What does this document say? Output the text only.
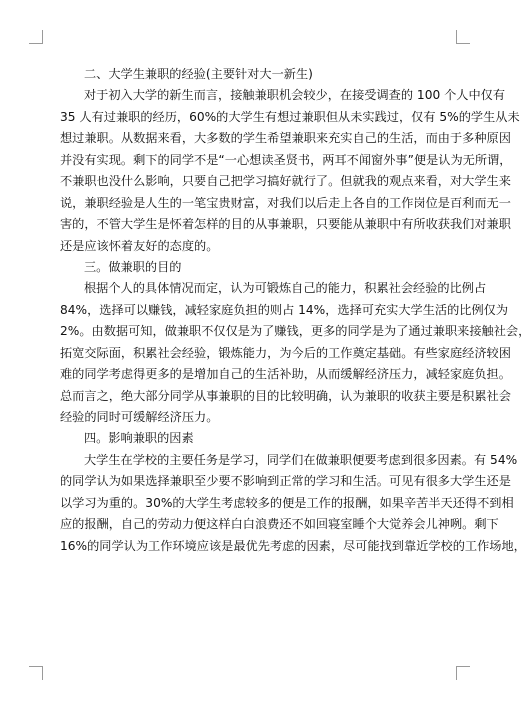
二、大学生兼职的经验(主要针对大一新生)
对于初入大学的新生而言，接触兼职机会较少，在接受调查的 100 个人中仅有
35 人有过兼职的经历，60%的大学生有想过兼职但从未实践过，仅有 5%的学生从未
想过兼职。从数据来看，大多数的学生希望兼职来充实自己的生活，而由于多种原因
并没有实现。剩下的同学不是“一心想读圣贤书，两耳不闻窗外事”便是认为无所谓，
不兼职也没什么影响，只要自己把学习搞好就行了。但就我的观点来看，对大学生来
说，兼职经验是人生的一笔宝贵财富，对我们以后走上各自的工作岗位是百利而无一
害的，不管大学生是怀着怎样的目的从事兼职，只要能从兼职中有所收获我们对兼职
还是应该怀着友好的态度的。
三。做兼职的目的
根据个人的具体情况而定，认为可锻炼自己的能力，积累社会经验的比例占
84%，选择可以赚钱，减轻家庭负担的则占 14%，选择可充实大学生活的比例仅为
2%。由数据可知，做兼职不仅仅是为了赚钱，更多的同学是为了通过兼职来接触社会，
拓宽交际面，积累社会经验，锻炼能力，为今后的工作奠定基础。有些家庭经济较困
难的同学考虑得更多的是增加自己的生活补助，从而缓解经济压力，减轻家庭负担。
总而言之，绝大部分同学从事兼职的目的比较明确，认为兼职的收获主要是积累社会
经验的同时可缓解经济压力。
四。影响兼职的因素
大学生在学校的主要任务是学习，同学们在做兼职便要考虑到很多因素。有 54%
的同学认为如果选择兼职至少要不影响到正常的学习和生活。可见有很多大学生还是
以学习为重的。30%的大学生考虑较多的便是工作的报酬，如果辛苦半天还得不到相
应的报酬，自己的劳动力便这样白白浪费还不如回寝室睡个大觉养会儿神咧。剩下
16%的同学认为工作环境应该是最优先考虑的因素，尽可能找到靠近学校的工作场地，
